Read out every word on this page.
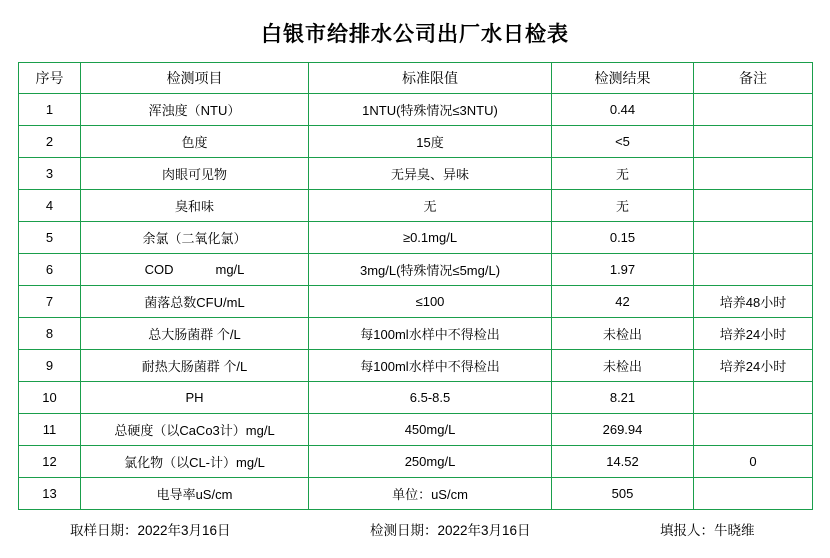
白银市给排水公司出厂水日检表
序号	检测项目	标准限值	检测结果	备注
1	浑浊度（NTU）	1NTU(特殊情况≤3NTU)	0.44	
2	色度	15度	<5	
3	肉眼可见物	无异臭、异味	无	
4	臭和味	无	无	
5	余氯（二氧化氯）	≥0.1mg/L	0.15	
6	COD mg/L	3mg/L(特殊情况≤5mg/L)	1.97	
7	菌落总数CFU/mL	≤100	42	培养48小时
8	总大肠菌群 个/L	每100ml水样中不得检出	未检出	培养24小时
9	耐热大肠菌群 个/L	每100ml水样中不得检出	未检出	培养24小时
10	PH	6.5-8.5	8.21	
11	总硬度（以CaCo3计）mg/L	450mg/L	269.94	
12	氯化物（以CL-计）mg/L	250mg/L	14.52	0
13	电导率uS/cm	单位：uS/cm	505	
取样日期：2022年3月16日	检测日期：2022年3月16日	填报人：牛晓维
